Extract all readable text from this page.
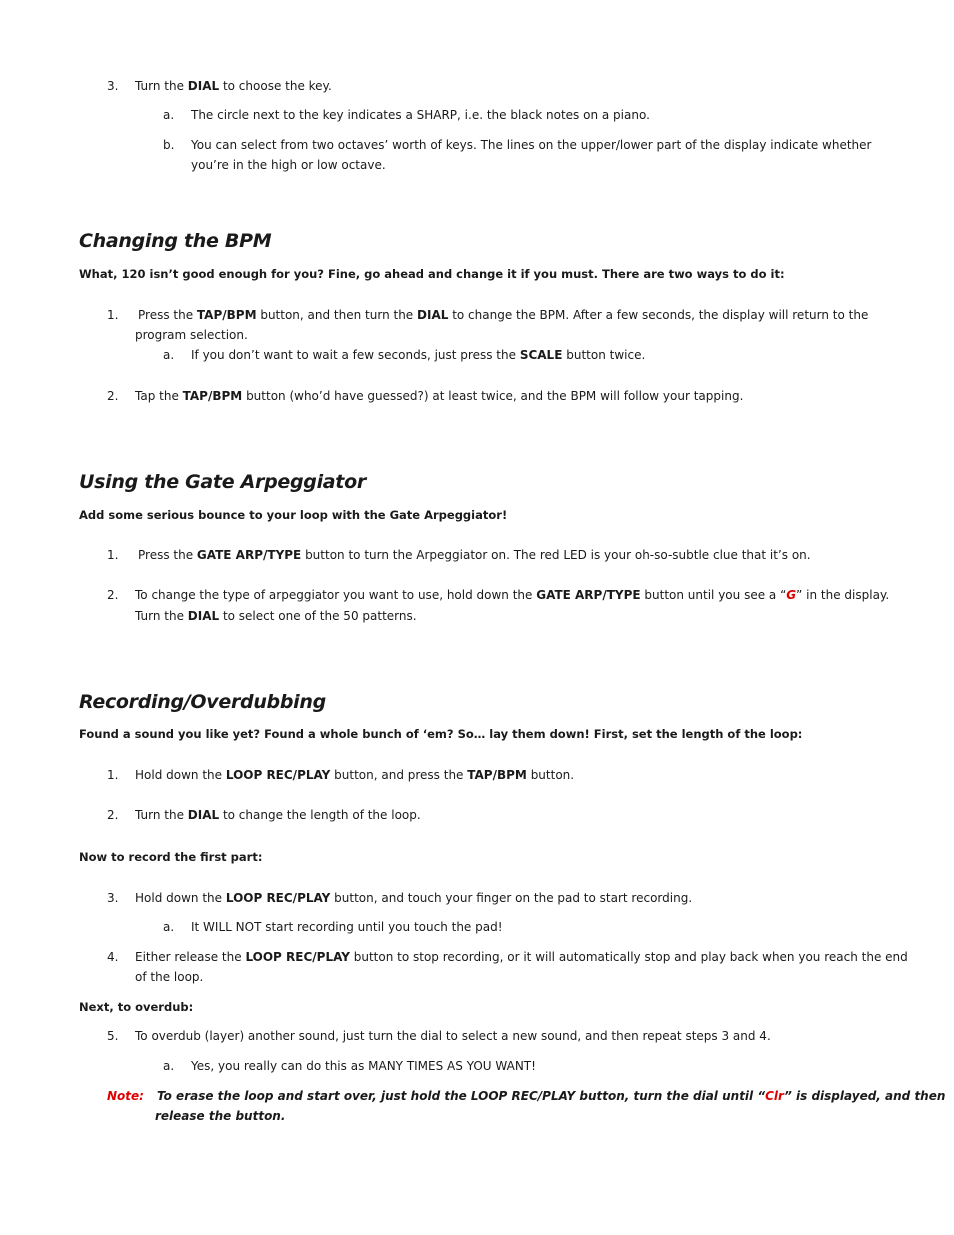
3. Turn the DIAL to choose the key.
a. The circle next to the key indicates a SHARP, i.e. the black notes on a piano.
b. You can select from two octaves’ worth of keys. The lines on the upper/lower part of the display indicate whether
you’re in the high or low octave.
Changing the BPM
What, 120 isn’t good enough for you? Fine, go ahead and change it if you must. There are two ways to do it:
1. Press the TAP/BPM button, and then turn the DIAL to change the BPM. After a few seconds, the display will return to the
program selection.
a. If you don’t want to wait a few seconds, just press the SCALE button twice.
2. Tap the TAP/BPM button (who’d have guessed?) at least twice, and the BPM will follow your tapping.
Using the Gate Arpeggiator
Add some serious bounce to your loop with the Gate Arpeggiator!
1. Press the GATE ARP/TYPE button to turn the Arpeggiator on. The red LED is your oh-so-subtle clue that it’s on.
2. To change the type of arpeggiator you want to use, hold down the GATE ARP/TYPE button until you see a “G” in the display.
Turn the DIAL to select one of the 50 patterns.
Recording/Overdubbing
Found a sound you like yet? Found a whole bunch of ‘em? So… lay them down! First, set the length of the loop:
1. Hold down the LOOP REC/PLAY button, and press the TAP/BPM button.
2. Turn the DIAL to change the length of the loop.
Now to record the first part:
3. Hold down the LOOP REC/PLAY button, and touch your finger on the pad to start recording.
a. It WILL NOT start recording until you touch the pad!
4. Either release the LOOP REC/PLAY button to stop recording, or it will automatically stop and play back when you reach the end
of the loop.
Next, to overdub:
5. To overdub (layer) another sound, just turn the dial to select a new sound, and then repeat steps 3 and 4.
a. Yes, you really can do this as MANY TIMES AS YOU WANT!
Note: To erase the loop and start over, just hold the LOOP REC/PLAY button, turn the dial until “Clr” is displayed, and then
release the button.
